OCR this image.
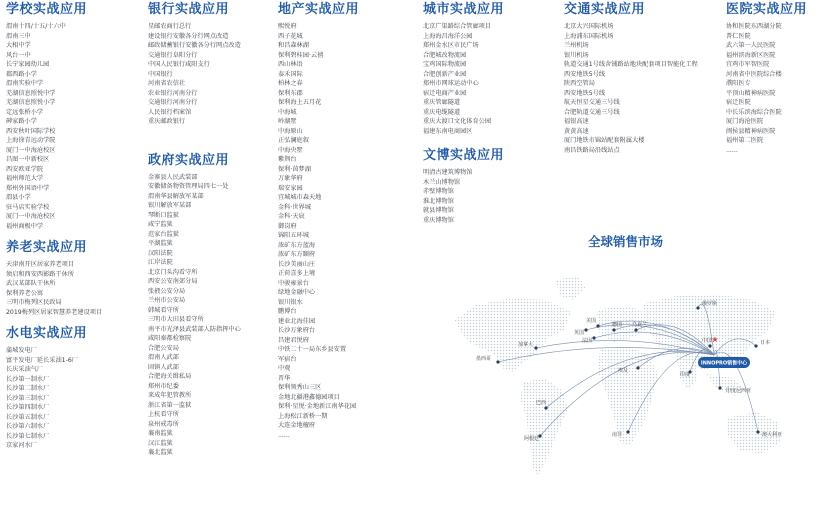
学校实战应用
渭南十四/十五/十六中
渭南三中
大相中学
风台一中
长宁家园幼儿园
郡西路小学
渭南实验中学
芜湖信息照悦中学
芜湖信息照悦小学
定远张桥小学
碑家路小学
西安秋叶国际学校
上海徐青远动学院
厦门一中海沧校区
昌图一中新校区
西安欧亚学院
福州师范大学
郑州外国语中学
渭县小学
驻马店实验学校
厦门一中海沧校区
福州商极中学
养老实战应用
天津南开区居家养老项目
须启和西安西影路干休所
武汉某部队干休所
保利养老公寓
三明市梅列区民政局
2019梅列区居家智慧养老建设项目
水电实战应用
蒲城发电厂
富平发电厂延长采油1-6厂
长庆采油气厂
长沙第一制水厂
长沙第二制水厂
长沙第三制水厂
长沙第四制水厂
长沙第五制水厂
长沙第六制水厂
长沙第七制水厂
京家河水厂
银行实战应用
星邮农商行总行
建设银行安徽各分行网点改造
邮政储蓄银行安徽各分行网点改造
交通银行阜阳分行
中国人民银行咸阳支行
中国银行
河南省农信社
农业银行河南分行
交通银行河南分行
人民银行档案馆
重庆邮政银行
政府实战应用
金寨县人民武装部
安徽储备物资管理局四七一处
渭南华县解放军某部
银川解放军某部
琴断口监狱
咸宁监狱
范家台监狱
平湖监狱
汉阳法院
江岸法院
北京门头沟看守所
西安公安南郊分局
张掖公安分局
兰州市公安局
韩城看守所
三明市大田县看守所
南平市光泽县武装部人防指挥中心
咸阳秦都检察院
合肥公安局
渭南人武部
固镇人武部
合肥海关缉私局
郑州市纪委
来成年犯管教所
浙江省第一监狱
上杭看守所
泉州戒毒所
襄南监狱
汉江监狱
襄北监狱
地产实战应用
熙悦府
西子花城
和昌森林湖
保利碧桂园·云禧
西山林语
泰禾国际
柏林之春
保利东郡
保利海上五月花
中海城
岭湖墅
中海原山
正弘澜庭叙
中海央墅
紫荆台
保利·茵梦湖
万象华府
瑞安家园
宜城城市森天地
金科·世界城
金科·天宸
御岗府
锦阳五环城
浓矿东方蓝海
浓矿东方颐府
长沙美丽山庄
正荷喜多上境
中骏雍景台
绿地金融中心
银川银水
鹏博台
建业北海佳园
长沙万象府台
昌建君悦府
中铁二十一局东乡县安置
军宿台
中观
晋华
保利领秀山三区
金地北疆港鑫德园项目
保利·星悦·金地新江南华花园
上海松江新桥一期
大连金地檀府
......
城市实战应用
北京广渠路综合管廊项目
上海海昌海洋公园
郑州金水区市民广场
合肥城改物流园
宝鸡国际物流园
合肥创新产业园
郑州市网球运动中心
宿迁电商产业园
重庆管廊隧道
重庆电缆隧道
重庆大渡口文化体育公园
福建东南电商园区
文博实战应用
明清古建筑博物馆
木兰山博物馆
赤壁博物馆
淮北博物馆
就县博物馆
重庆博物馆
交通实战应用
北京大兴国际机场
上海浦东国际机场
兰州机场
银川机场
轨道交通1号线舍铺路站地块配套项目智能化工程
西安地铁5号线
陕西空管局
西安地铁5号线
航天恒星交通三号线
合肥轨道交通三号线
福银高速
黄黄高速
厦门地铁市锦站配套附属大楼
南昌铁路局沿线站点
医院实战应用
协和医院东西湖分院
普仁医院
武六第一人民医院
福州滨海新区医院
宜鸡市军智医院
河南省中医院综合楼
濮阳医专
平顶山精神病医院
宿迁医院
中长乐滨海综合医院
厦门海沧医院
闽侯县精神病医院
福州第二医院
......
全球销售市场
俄罗斯
美国
德国 乌克兰
法国	中国	日本
英国
加拿大
墨西哥
埃及
印度
印度尼西亚
巴西
阿根廷
南非	澳大利亚
INNOPRO销售中心
★
